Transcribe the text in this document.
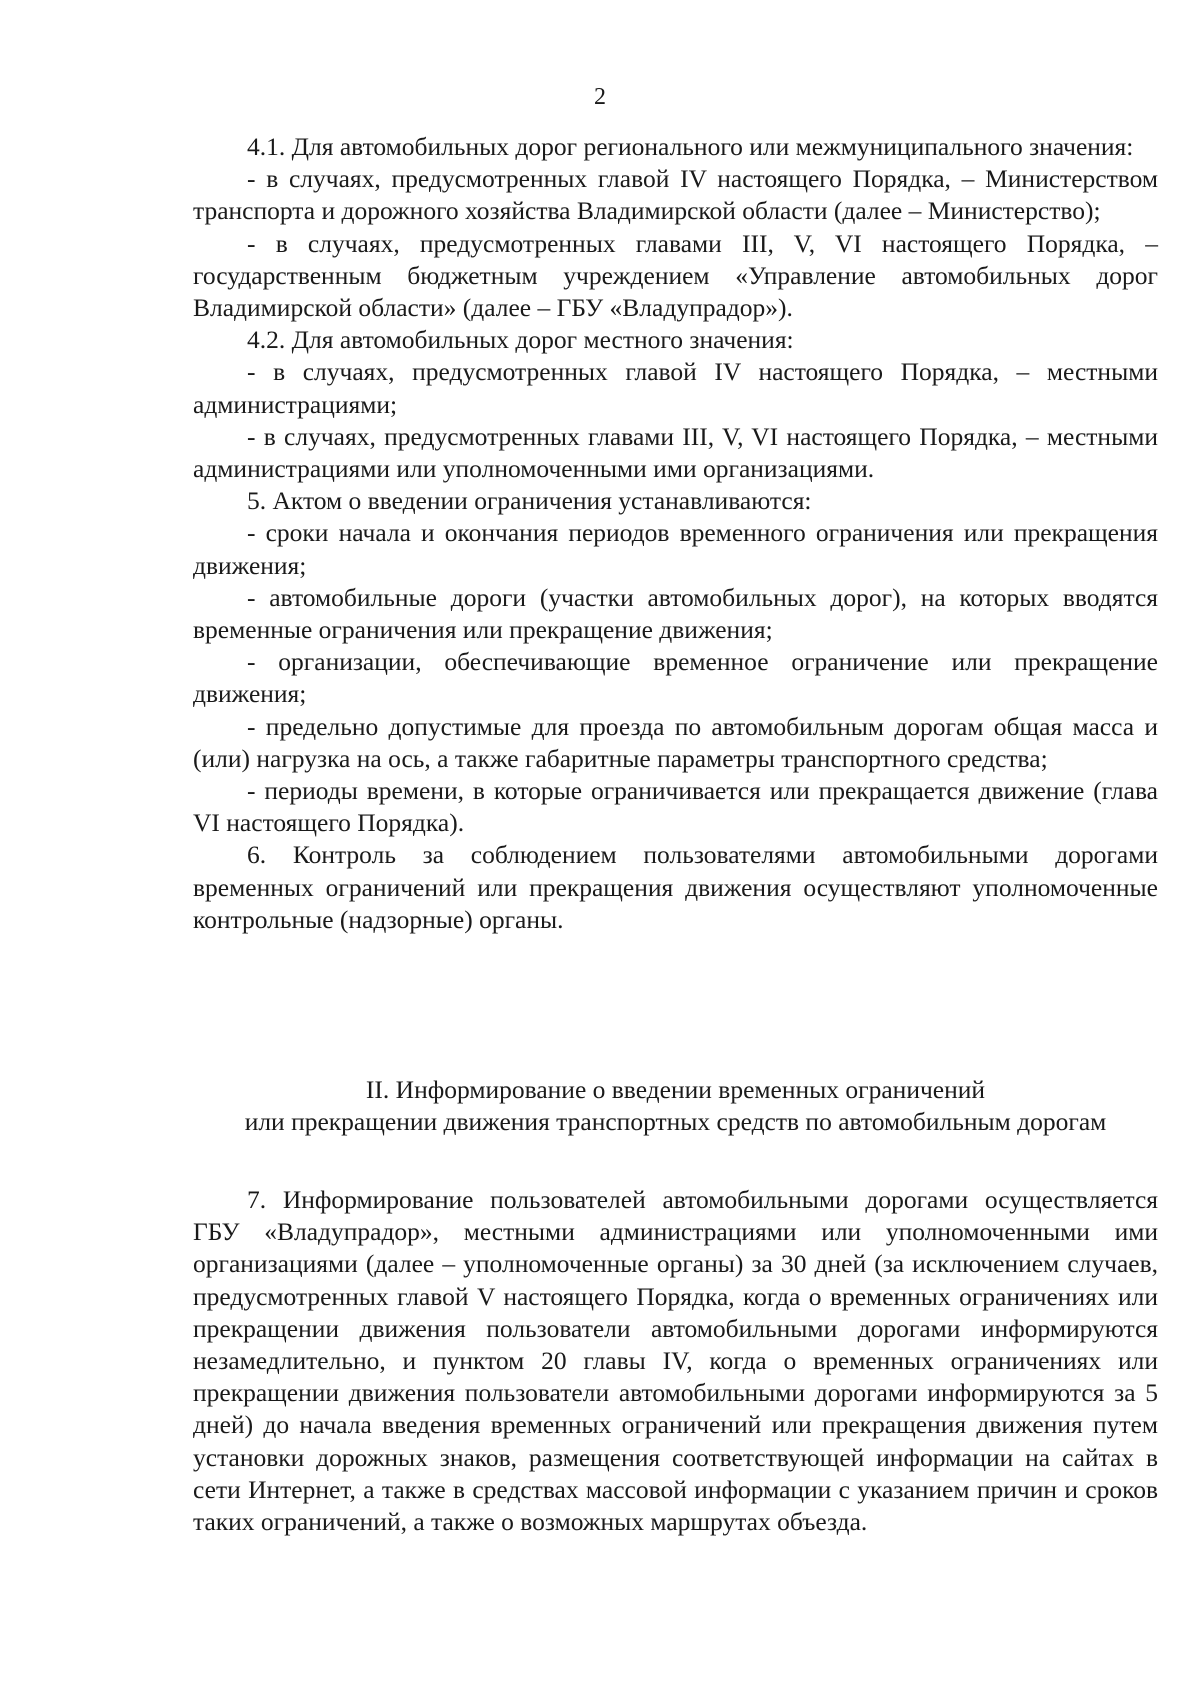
2

4.1. Для автомобильных дорог регионального или межмуниципального значения:

- в случаях, предусмотренных главой IV настоящего Порядка, – Министерством транспорта и дорожного хозяйства Владимирской области (далее – Министерство);

- в случаях, предусмотренных главами III, V, VI настоящего Порядка, – государственным бюджетным учреждением «Управление автомобильных дорог Владимирской области» (далее – ГБУ «Владупрадор»).

4.2. Для автомобильных дорог местного значения:

- в случаях, предусмотренных главой IV настоящего Порядка, – местными администрациями;

- в случаях, предусмотренных главами III, V, VI настоящего Порядка, – местными администрациями или уполномоченными ими организациями.

5. Актом о введении ограничения устанавливаются:

- сроки начала и окончания периодов временного ограничения или прекращения движения;

- автомобильные дороги (участки автомобильных дорог), на которых вводятся временные ограничения или прекращение движения;

- организации, обеспечивающие временное ограничение или прекращение движения;

- предельно допустимые для проезда по автомобильным дорогам общая масса и (или) нагрузка на ось, а также габаритные параметры транспортного средства;

- периоды времени, в которые ограничивается или прекращается движение (глава VI настоящего Порядка).

6. Контроль за соблюдением пользователями автомобильными дорогами временных ограничений или прекращения движения осуществляют уполномоченные контрольные (надзорные) органы.

II. Информирование о введении временных ограничений
или прекращении движения транспортных средств по автомобильным дорогам

7. Информирование пользователей автомобильными дорогами осуществляется ГБУ «Владупрадор», местными администрациями или уполномоченными ими организациями (далее – уполномоченные органы) за 30 дней (за исключением случаев, предусмотренных главой V настоящего Порядка, когда о временных ограничениях или прекращении движения пользователи автомобильными дорогами информируются незамедлительно, и пунктом 20 главы IV, когда о временных ограничениях или прекращении движения пользователи автомобильными дорогами информируются за 5 дней) до начала введения временных ограничений или прекращения движения путем установки дорожных знаков, размещения соответствующей информации на сайтах в сети Интернет, а также в средствах массовой информации с указанием причин и сроков таких ограничений, а также о возможных маршрутах объезда.
